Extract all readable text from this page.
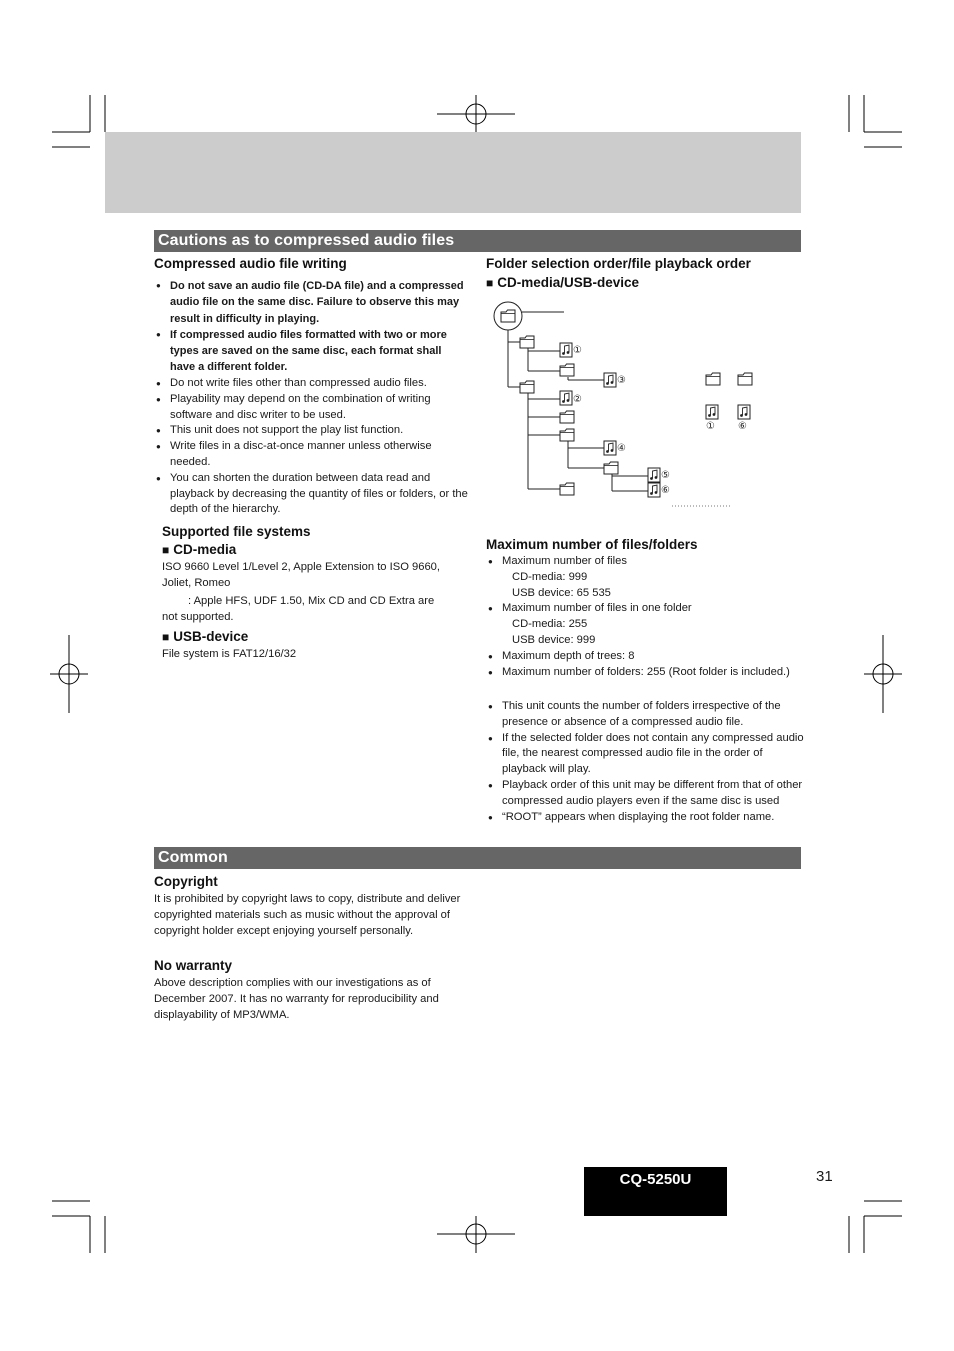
Cautions as to compressed audio files
Compressed audio file writing
● Do not save an audio file (CD-DA file) and a compressed audio file on the same disc. Failure to observe this may result in difficulty in playing.
● If compressed audio files formatted with two or more types are saved on the same disc, each format shall have a different folder.
● Do not write files other than compressed audio files.
● Playability may depend on the combination of writing software and disc writer to be used.
● This unit does not support the play list function.
● Write files in a disc-at-once manner unless otherwise needed.
● You can shorten the duration between data read and playback by decreasing the quantity of files or folders, or the depth of the hierarchy.
Supported file systems
■ CD-media
ISO 9660 Level 1/Level 2, Apple Extension to ISO 9660, Joliet, Romeo
: Apple HFS, UDF 1.50, Mix CD and CD Extra are not supported.
■ USB-device
File system is FAT12/16/32
Folder selection order/file playback order
■ CD-media/USB-device
①
③
②
④
⑤
⑥
① ⑥
Maximum number of files/folders
● Maximum number of files
CD-media: 999
USB device: 65 535
● Maximum number of files in one folder
CD-media: 255
USB device: 999
● Maximum depth of trees: 8
● Maximum number of folders: 255 (Root folder is included.)
● This unit counts the number of folders irrespective of the presence or absence of a compressed audio file.
● If the selected folder does not contain any compressed audio file, the nearest compressed audio file in the order of playback will play.
● Playback order of this unit may be different from that of other compressed audio players even if the same disc is used
● “ROOT” appears when displaying the root folder name.
Common
Copyright
It is prohibited by copyright laws to copy, distribute and deliver copyrighted materials such as music without the approval of copyright holder except enjoying yourself personally.
No warranty
Above description complies with our investigations as of December 2007. It has no warranty for reproducibility and displayability of MP3/WMA.
CQ-5250U	31
